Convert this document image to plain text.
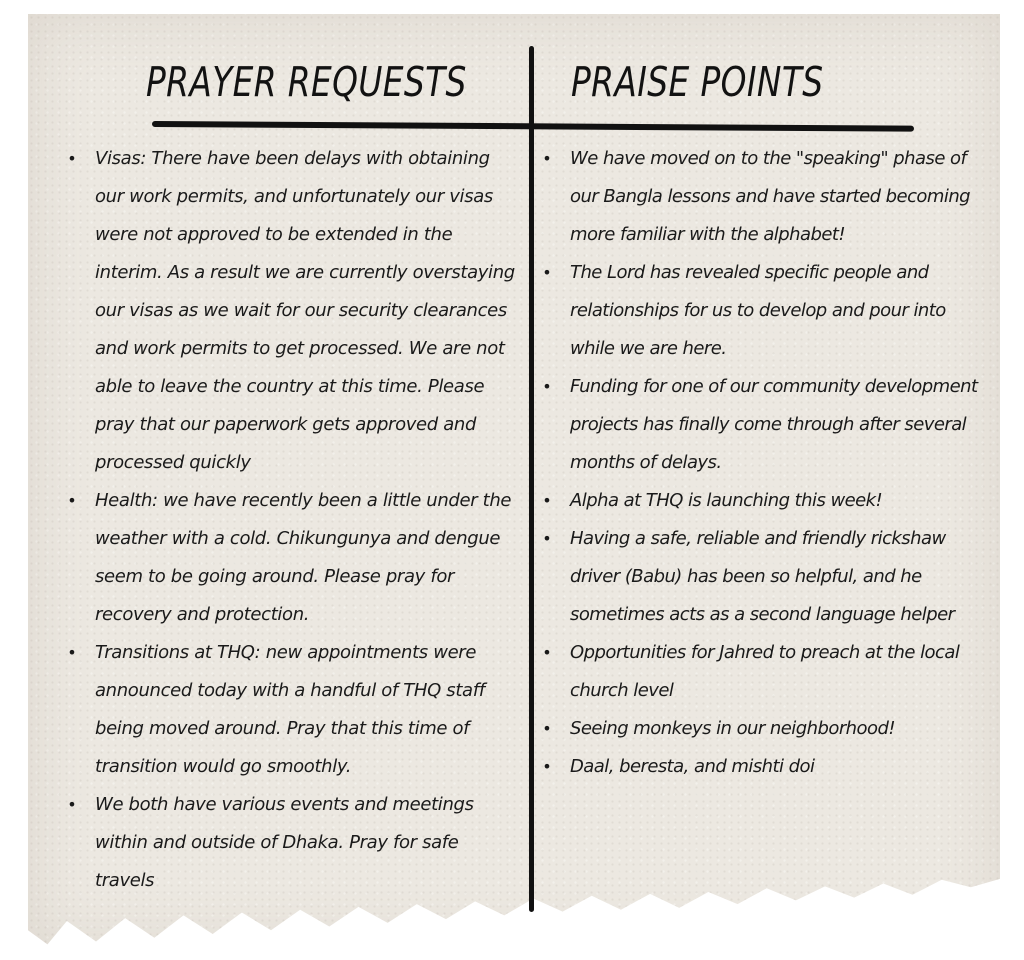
PRAYER REQUESTS	PRAISE POINTS
• Visas: There have been delays with obtaining our work permits, and unfortunately our visas were not approved to be extended in the interim. As a result we are currently overstaying our visas as we wait for our security clearances and work permits to get processed. We are not able to leave the country at this time. Please pray that our paperwork gets approved and processed quickly
• Health: we have recently been a little under the weather with a cold. Chikungunya and dengue seem to be going around. Please pray for recovery and protection.
• Transitions at THQ: new appointments were announced today with a handful of THQ staff being moved around. Pray that this time of transition would go smoothly.
• We both have various events and meetings within and outside of Dhaka. Pray for safe travels
• We have moved on to the "speaking" phase of our Bangla lessons and have started becoming more familiar with the alphabet!
• The Lord has revealed specific people and relationships for us to develop and pour into while we are here.
• Funding for one of our community development projects has finally come through after several months of delays.
• Alpha at THQ is launching this week!
• Having a safe, reliable and friendly rickshaw driver (Babu) has been so helpful, and he sometimes acts as a second language helper
• Opportunities for Jahred to preach at the local church level
• Seeing monkeys in our neighborhood!
• Daal, beresta, and mishti doi
